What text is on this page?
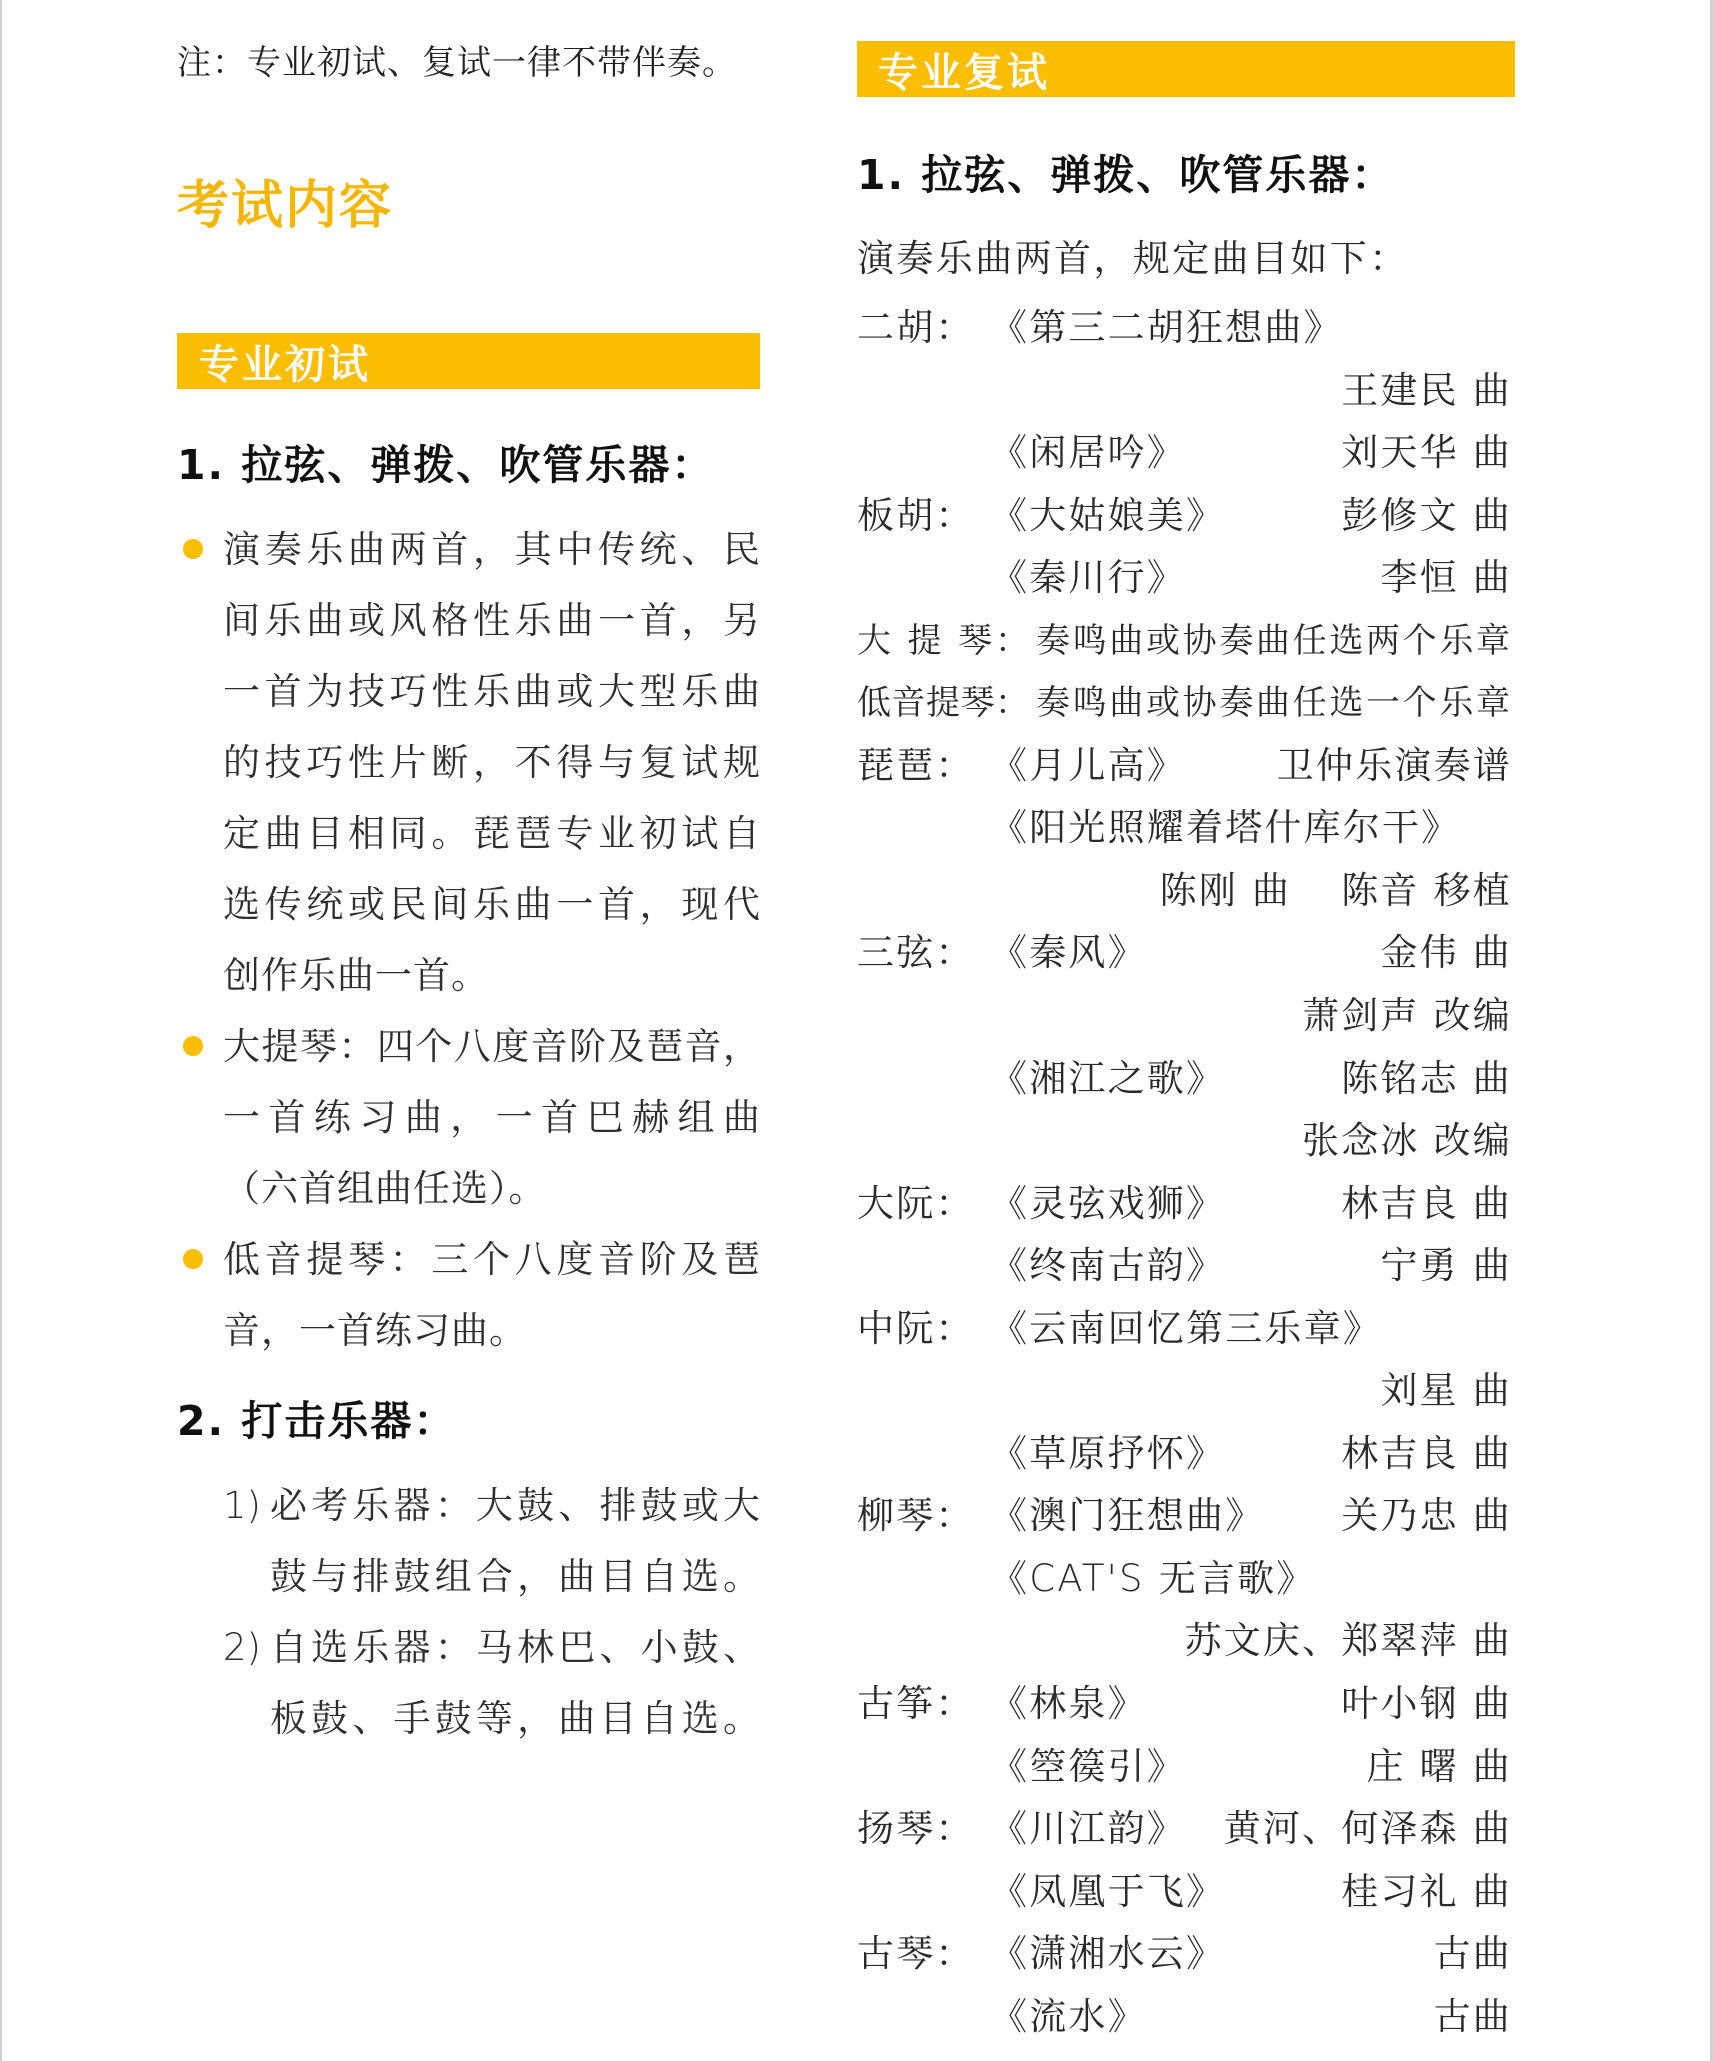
注：专业初试、复试一律不带伴奏。
考试内容
专业初试
1. 拉弦、弹拨、吹管乐器：
演奏乐曲两首，其中传统、民
间乐曲或风格性乐曲一首，另
一首为技巧性乐曲或大型乐曲
的技巧性片断，不得与复试规
定曲目相同。琵琶专业初试自
选传统或民间乐曲一首，现代
创作乐曲一首。
大提琴：四个八度音阶及琶音，
一首练习曲，一首巴赫组曲
（六首组曲任选）。
低音提琴：三个八度音阶及琶
音，一首练习曲。
2. 打击乐器：
1) 必考乐器：大鼓、排鼓或大
鼓与排鼓组合，曲目自选。
2) 自选乐器：马林巴、小鼓、
板鼓、手鼓等，曲目自选。
专业复试
1. 拉弦、弹拨、吹管乐器：
演奏乐曲两首，规定曲目如下：
二胡： 《第三二胡狂想曲》
王建民 曲
《闲居吟》	刘天华 曲
板胡： 《大姑娘美》	彭修文 曲
《秦川行》	李恒 曲
大 提 琴： 奏鸣曲或协奏曲任选两个乐章
低音提琴： 奏鸣曲或协奏曲任选一个乐章
琵琶： 《月儿高》 卫仲乐演奏谱
《阳光照耀着塔什库尔干》
陈刚 曲 陈音 移植
三弦： 《秦风》	金伟 曲
萧剑声 改编
《湘江之歌》	陈铭志 曲
张念冰 改编
大阮： 《灵弦戏狮》	林吉良 曲
《终南古韵》	宁勇 曲
中阮： 《云南回忆第三乐章》
刘星 曲
《草原抒怀》	林吉良 曲
柳琴： 《澳门狂想曲》 关乃忠 曲
《CAT'S 无言歌》
苏文庆、郑翠萍 曲
古筝： 《林泉》	叶小钢 曲
《箜篌引》	庄 曙 曲
扬琴： 《川江韵》 黄河、何泽森 曲
《凤凰于飞》	桂习礼 曲
古琴： 《潇湘水云》	古曲
《流水》	古曲
